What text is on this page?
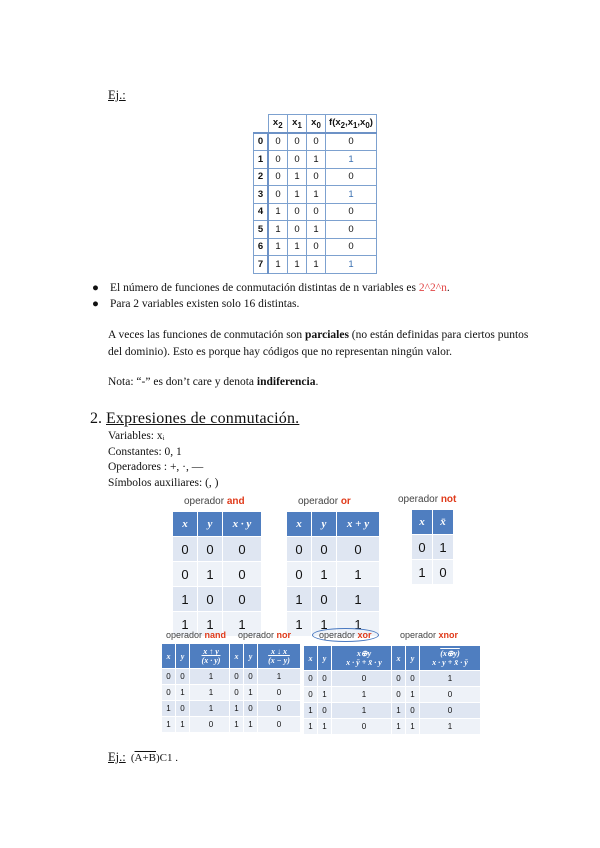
Ej.:
	$x_2$	$x_1$	$x_0$	$f(x_2,x_1,x_0)$
0	0	0	0	0
1	0	0	1	1
2	0	1	0	0
3	0	1	1	1
4	1	0	0	0
5	1	0	1	0
6	1	1	0	0
7	1	1	1	1
● El número de funciones de conmutación distintas de n variables es 2^2^n.
● Para 2 variables existen solo 16 distintas.
A veces las funciones de conmutación son parciales (no están definidas para ciertos puntos del dominio). Esto es porque hay códigos que no representan ningún valor.
Nota: “-” es don’t care y denota indiferencia.
2. Expresiones de conmutación.
Variables: xᵢ
Constantes: 0, 1
Operadores : +, ·, —
Símbolos auxiliares: (, )
operador and
x	y	x · y
0	0	0
0	1	0
1	0	0
1	1	1
operador or
x	y	x + y
0	0	0
0	1	1
1	0	1
1	1	1
operador not
x	x̄
0	1
1	0
operador nand
x	y	x ↑ y
(x · y)

0	0	1
0	1	1
1	0	1
1	1	0
operador nor
x	y	x ↓ x
(x − y)

0	0	1
0	1	0
1	0	0
1	1	0
operador xor
x	y	x⊕y
x · ȳ + x̄ · y

0	0	0
0	1	1
1	0	1
1	1	0
operador xnor
x	y	(x⊕y)
x · y + x̄ · ȳ

0	0	1
0	1	0
1	0	0
1	1	1
Ej.: (A+B)C1 .
